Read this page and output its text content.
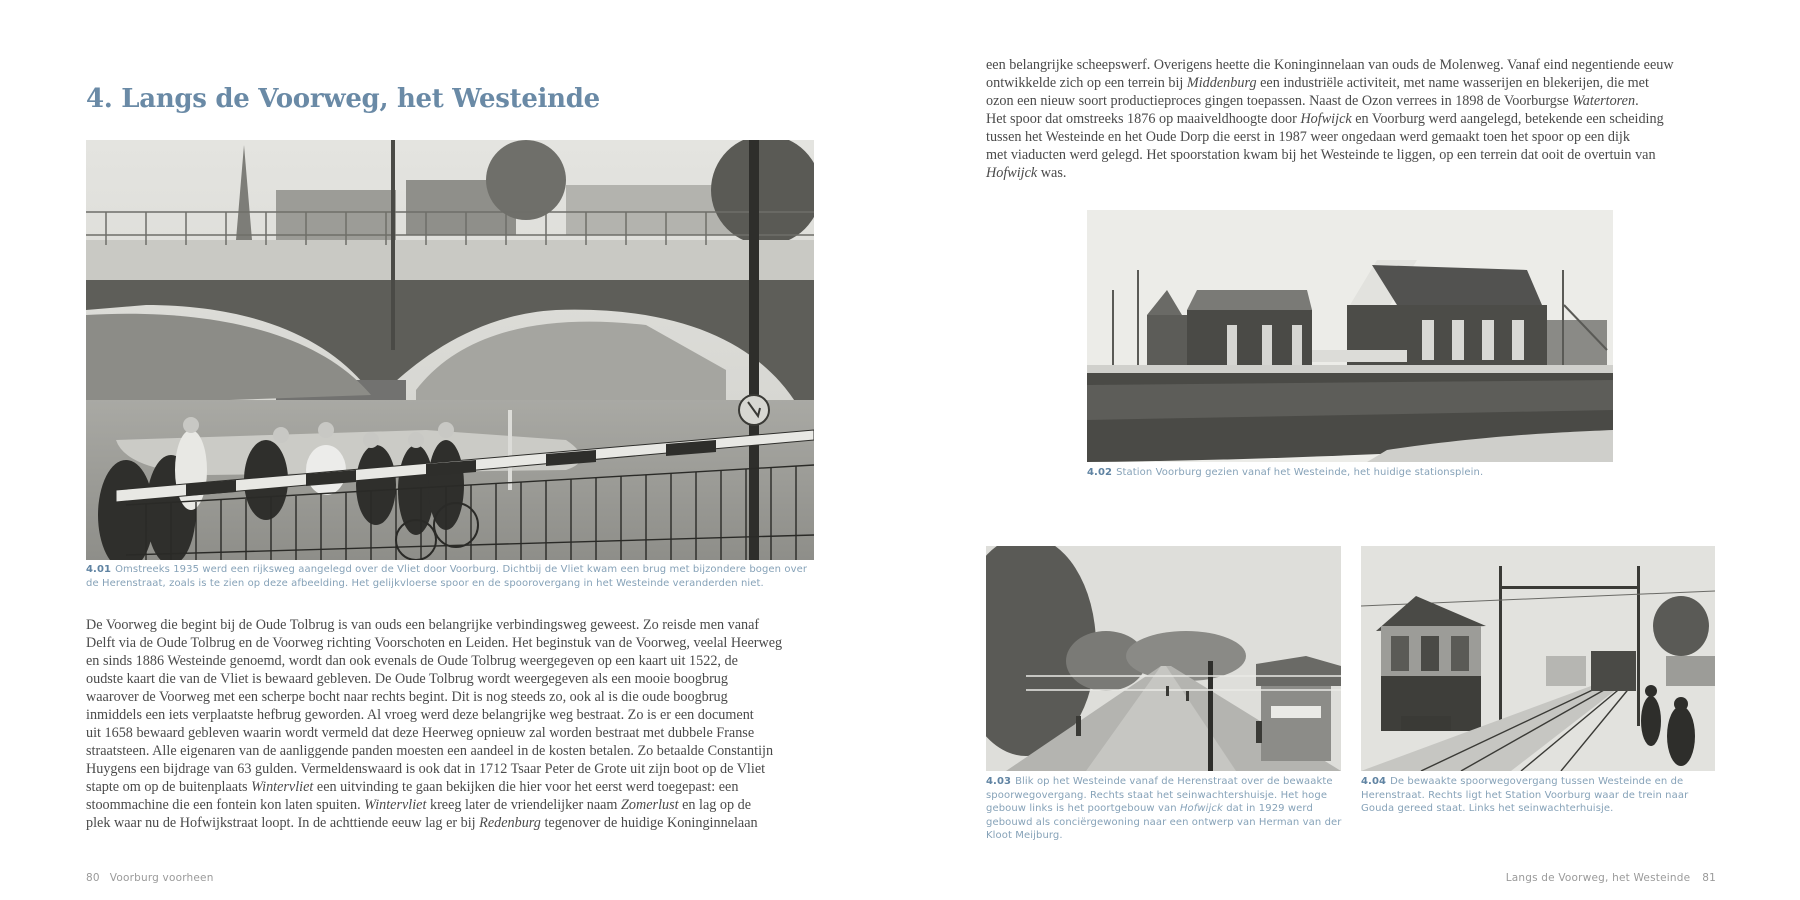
4. Langs de Voorweg, het Westeinde
4.01 Omstreeks 1935 werd een rijksweg aangelegd over de Vliet door Voorburg. Dichtbij de Vliet kwam een brug met bijzondere bogen over de Herenstraat, zoals is te zien op deze afbeelding. Het gelijkvloerse spoor en de spoorovergang in het Westeinde veranderden niet.
De Voorweg die begint bij de Oude Tolbrug is van ouds een belangrijke verbindingsweg geweest. Zo reisde men vanaf
Delft via de Oude Tolbrug en de Voorweg richting Voorschoten en Leiden. Het beginstuk van de Voorweg, veelal Heerweg
en sinds 1886 Westeinde genoemd, wordt dan ook evenals de Oude Tolbrug weergegeven op een kaart uit 1522, de
oudste kaart die van de Vliet is bewaard gebleven. De Oude Tolbrug wordt weergegeven als een mooie boogbrug
waarover de Voorweg met een scherpe bocht naar rechts begint. Dit is nog steeds zo, ook al is die oude boogbrug
inmiddels een iets verplaatste hefbrug geworden. Al vroeg werd deze belangrijke weg bestraat. Zo is er een document
uit 1658 bewaard gebleven waarin wordt vermeld dat deze Heerweg opnieuw zal worden bestraat met dubbele Franse
straatsteen. Alle eigenaren van de aanliggende panden moesten een aandeel in de kosten betalen. Zo betaalde Constantijn
Huygens een bijdrage van 63 gulden. Vermeldenswaard is ook dat in 1712 Tsaar Peter de Grote uit zijn boot op de Vliet
stapte om op de buitenplaats Wintervliet een uitvinding te gaan bekijken die hier voor het eerst werd toegepast: een
stoommachine die een fontein kon laten spuiten. Wintervliet kreeg later de vriendelijker naam Zomerlust en lag op de
plek waar nu de Hofwijkstraat loopt. In de achttiende eeuw lag er bij Redenburg tegenover de huidige Koninginnelaan
80 Voorburg voorheen
een belangrijke scheepswerf. Overigens heette die Koninginnelaan van ouds de Molenweg. Vanaf eind negentiende eeuw
ontwikkelde zich op een terrein bij Middenburg een industriële activiteit, met name wasserijen en blekerijen, die met
ozon een nieuw soort productieproces gingen toepassen. Naast de Ozon verrees in 1898 de Voorburgse Watertoren.
Het spoor dat omstreeks 1876 op maaiveldhoogte door Hofwijck en Voorburg werd aangelegd, betekende een scheiding
tussen het Westeinde en het Oude Dorp die eerst in 1987 weer ongedaan werd gemaakt toen het spoor op een dijk
met viaducten werd gelegd. Het spoorstation kwam bij het Westeinde te liggen, op een terrein dat ooit de overtuin van
Hofwijck was.
4.02 Station Voorburg gezien vanaf het Westeinde, het huidige stationsplein.
4.03 Blik op het Westeinde vanaf de Herenstraat over de bewaakte spoorwegovergang. Rechts staat het seinwachtershuisje. Het hoge gebouw links is het poortgebouw van Hofwijck dat in 1929 werd gebouwd als conciërgewoning naar een ontwerp van Herman van der Kloot Meijburg.
4.04 De bewaakte spoorwegovergang tussen Westeinde en de Herenstraat. Rechts ligt het Station Voorburg waar de trein naar Gouda gereed staat. Links het seinwachterhuisje.
Langs de Voorweg, het Westeinde 81
